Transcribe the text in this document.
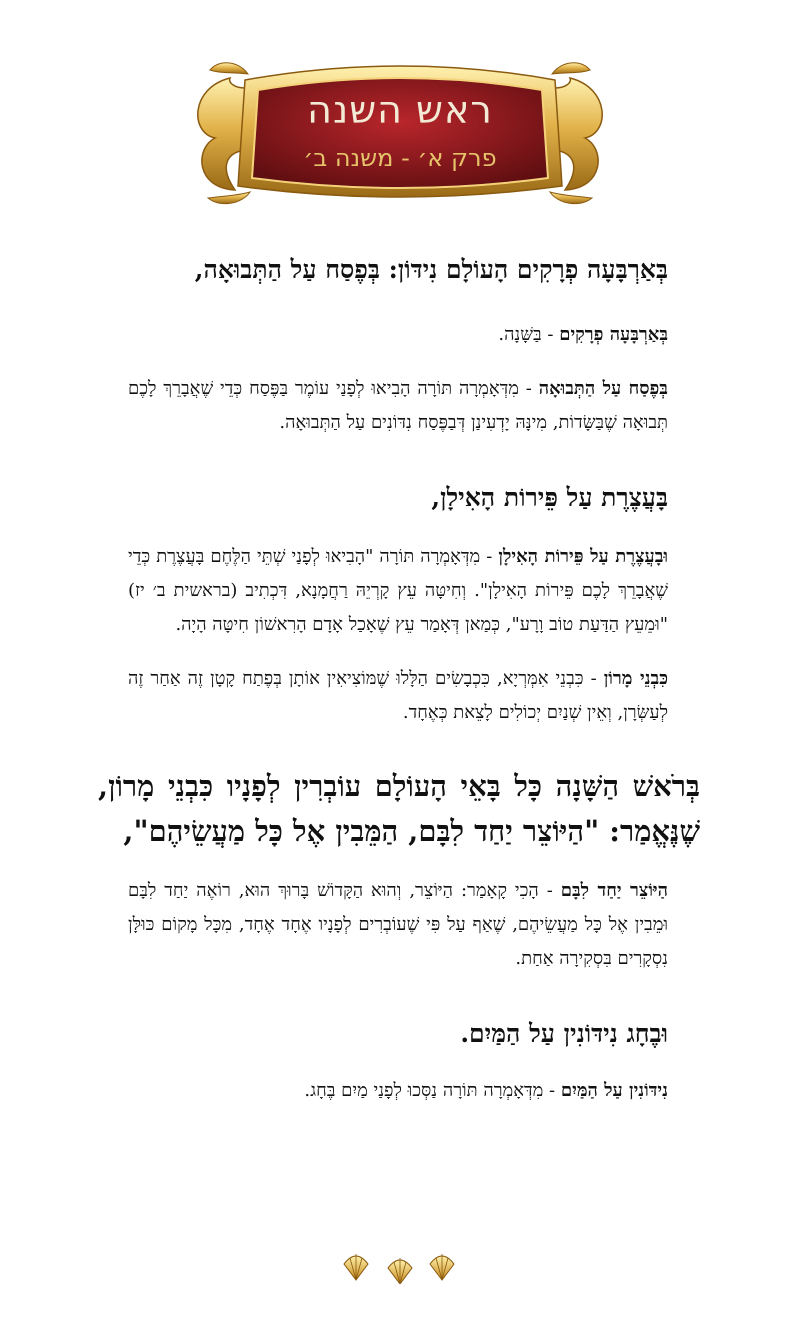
ראש השנה
פרק א׳ - משנה ב׳

בְּאַרְבָּעָה פְרָקִים הָעוֹלָם נִידּוֹן: בְּפֶסַח עַל הַתְּבוּאָה,

בְּאַרְבָּעָה פְרָקִים - בַּשָּׁנָה.

בְּפֶסַח עַל הַתְּבוּאָה - מִדְּאָמְרָה תּוֹרָה הָבִיאוּ לְפָנַי עוֹמֶר בַּפֶּסַח כְּדֵי שֶׁאֲבָרֵךְ לָכֶם תְּבוּאָה שֶׁבַּשָּׂדוֹת, מִינָּהּ יָדְעִינַן דְּבַפֶּסַח נִדּוֹנִים עַל הַתְּבוּאָה.

בָּעֲצֶרֶת עַל פֵּירוֹת הָאִילָן,

וּבָעֲצֶרֶת עַל פֵּירוֹת הָאִילָן - מִדְּאָמְרָה תּוֹרָה "הָבִיאוּ לְפָנַי שְׁתֵּי הַלֶּחֶם בָּעֲצֶרֶת כְּדֵי שֶׁאֲבָרֵךְ לָכֶם פֵּירוֹת הָאִילָן". וְחִיטָּה עֵץ קָרְיֵהּ רַחֲמָנָא, דִּכְתִיב (בראשית ב׳ יז) "וּמֵעֵץ הַדַּעַת טוֹב וָרָע", כְּמַאן דְּאָמַר עֵץ שֶׁאָכַל אָדָם הָרִאשׁוֹן חִיטָּה הָיָה.

כִּבְנֵי מָרוֹן - כִּבְנֵי אִמְּרְיָא, כִּכְבָשִׂים הַלָּלוּ שֶׁמּוֹצִיאִין אוֹתָן בְּפֶתַח קָטָן זֶה אַחַר זֶה לְעַשְּׂרָן, וְאֵין שְׁנַיִם יְכוֹלִים לָצֵאת כְּאֶחָד.

בְּרֹאשׁ הַשָּׁנָה כָּל בָּאֵי הָעוֹלָם עוֹבְרִין לְפָנָיו כִּבְנֵי מָרוֹן, שֶׁנֶּאֱמַר: "הַיּוֹצֵר יַחַד לִבָּם, הַמֵּבִין אֶל כָּל מַעֲשֵׂיהֶם",

הַיּוֹצֵר יַחַד לִבָּם - הָכִי קָאָמַר: הַיּוֹצֵר, וְהוּא הַקָּדוֹשׁ בָּרוּךְ הוּא, רוֹאֶה יַחַד לִבָּם וּמֵבִין אֶל כָּל מַעֲשֵׂיהֶם, שֶׁאַף עַל פִּי שֶׁעוֹבְרִים לְפָנָיו אֶחָד אֶחָד, מִכָּל מָקוֹם כּוּלָּן נִסְקָרִים בִּסְקִירָה אַחַת.

וּבֶחָג נִידּוֹנִין עַל הַמַּיִם.

נִידּוֹנִין עַל הַמַּיִם - מִדְּאָמְרָה תּוֹרָה נַסְּכוּ לְפָנַי מַיִם בֶּחָג.
